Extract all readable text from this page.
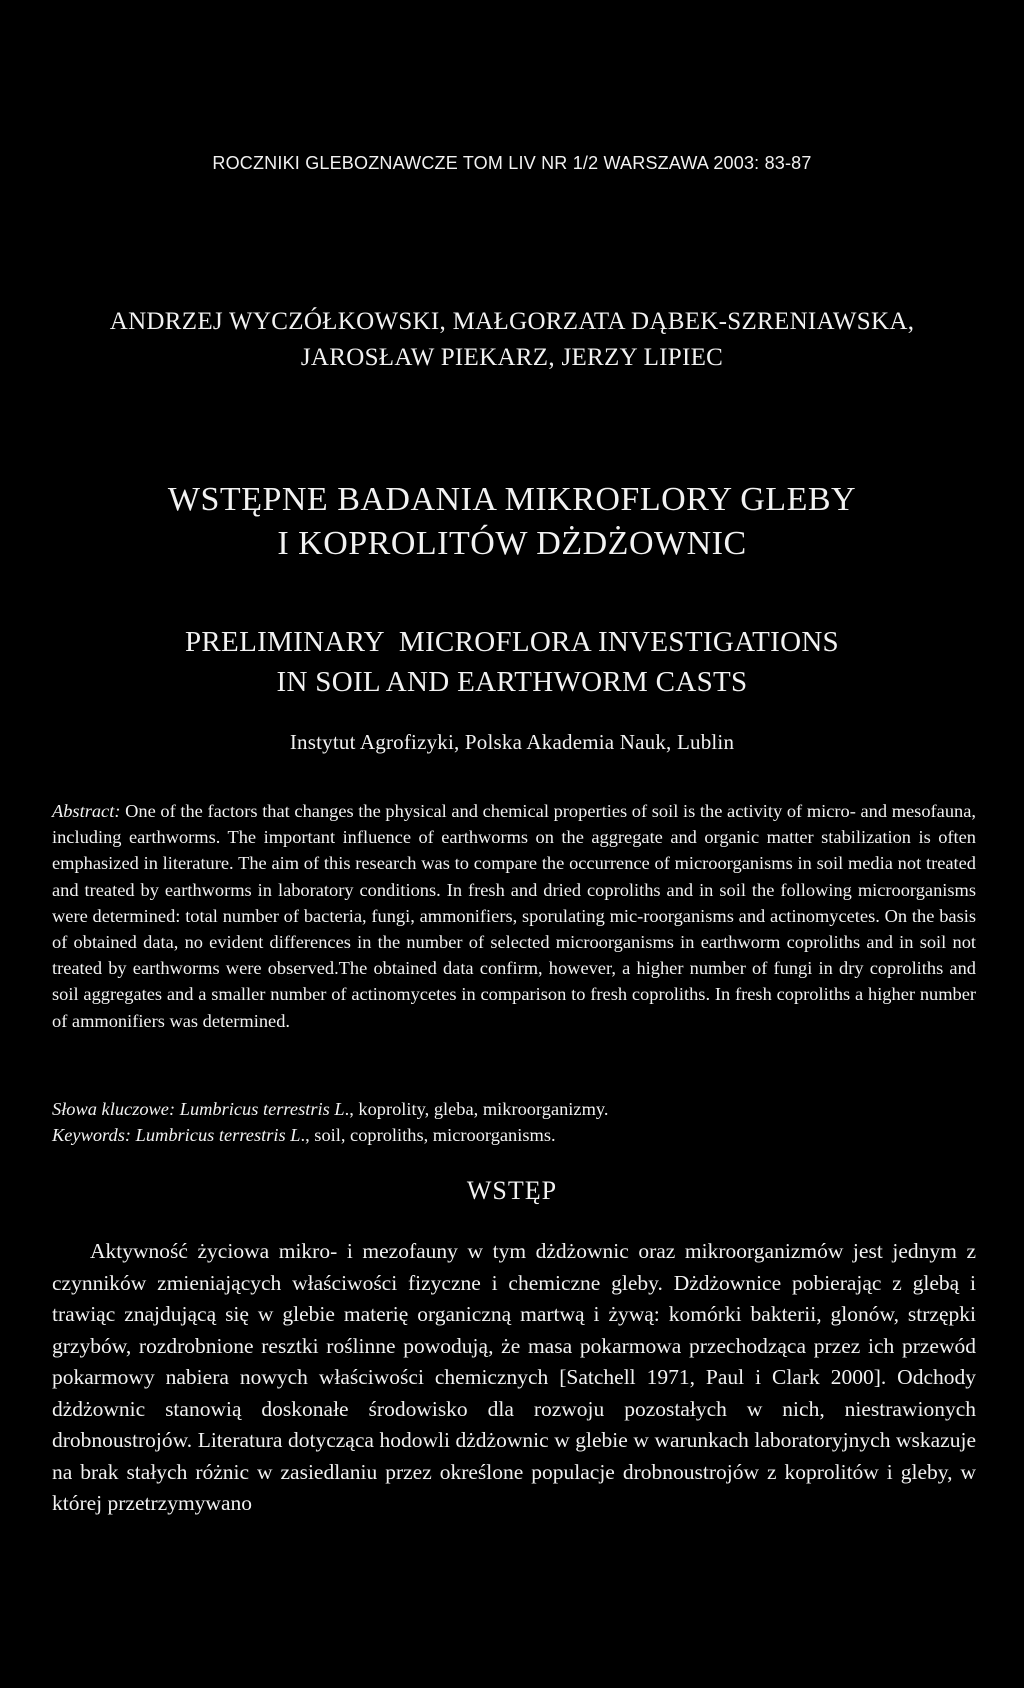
ROCZNIKI GLEBOZNAWCZE TOM LIV NR 1/2 WARSZAWA 2003: 83-87
ANDRZEJ WYCZÓŁKOWSKI, MAŁGORZATA DĄBEK-SZRENIAWSKA,
JAROSŁAW PIEKARZ, JERZY LIPIEC
WSTĘPNE BADANIA MIKROFLORY GLEBY
I KOPROLITÓW DŻDŻOWNIC
PRELIMINARY  MICROFLORA INVESTIGATIONS
IN SOIL AND EARTHWORM CASTS
Instytut Agrofizyki, Polska Akademia Nauk, Lublin

Abstract: One of the factors that changes the physical and chemical properties of soil is the activity of micro- and mesofauna, including earthworms. The important influence of earthworms on the aggregate and organic matter stabilization is often emphasized in literature. The aim of this research was to compare the occurrence of microorganisms in soil media not treated and treated by earthworms in laboratory conditions. In fresh and dried coproliths and in soil the following microorganisms were determined: total number of bacteria, fungi, ammonifiers, sporulating mic-roorganisms and actinomycetes. On the basis of obtained data, no evident differences in the number of selected microorganisms in earthworm coproliths and in soil not treated by earthworms were observed.The obtained data confirm, however, a higher number of fungi in dry coproliths and soil aggregates and a smaller number of actinomycetes in comparison to fresh coproliths. In fresh coproliths a higher number of ammonifiers was determined.

Słowa kluczowe: Lumbricus terrestris L., koprolity, gleba, mikroorganizmy.
Keywords: Lumbricus terrestris L., soil, coproliths, microorganisms.
WSTĘP

Aktywność życiowa mikro- i mezofauny w tym dżdżownic oraz mikroorganizmów jest jednym z czynników zmieniających właściwości fizyczne i chemiczne gleby. Dżdżownice pobierając z glebą i trawiąc znajdującą się w glebie materię organiczną martwą i żywą: komórki bakterii, glonów, strzępki grzybów, rozdrobnione resztki roślinne powodują, że masa pokarmowa przechodząca przez ich przewód pokarmowy nabiera nowych właściwości chemicznych [Satchell 1971, Paul i Clark 2000]. Odchody dżdżownic stanowią doskonałe środowisko dla rozwoju pozostałych w nich, niestrawionych drobnoustrojów. Literatura dotycząca hodowli dżdżownic w glebie w warunkach laboratoryjnych wskazuje na brak stałych różnic w zasiedlaniu przez określone populacje drobnoustrojów z koprolitów i gleby, w której przetrzymywano
